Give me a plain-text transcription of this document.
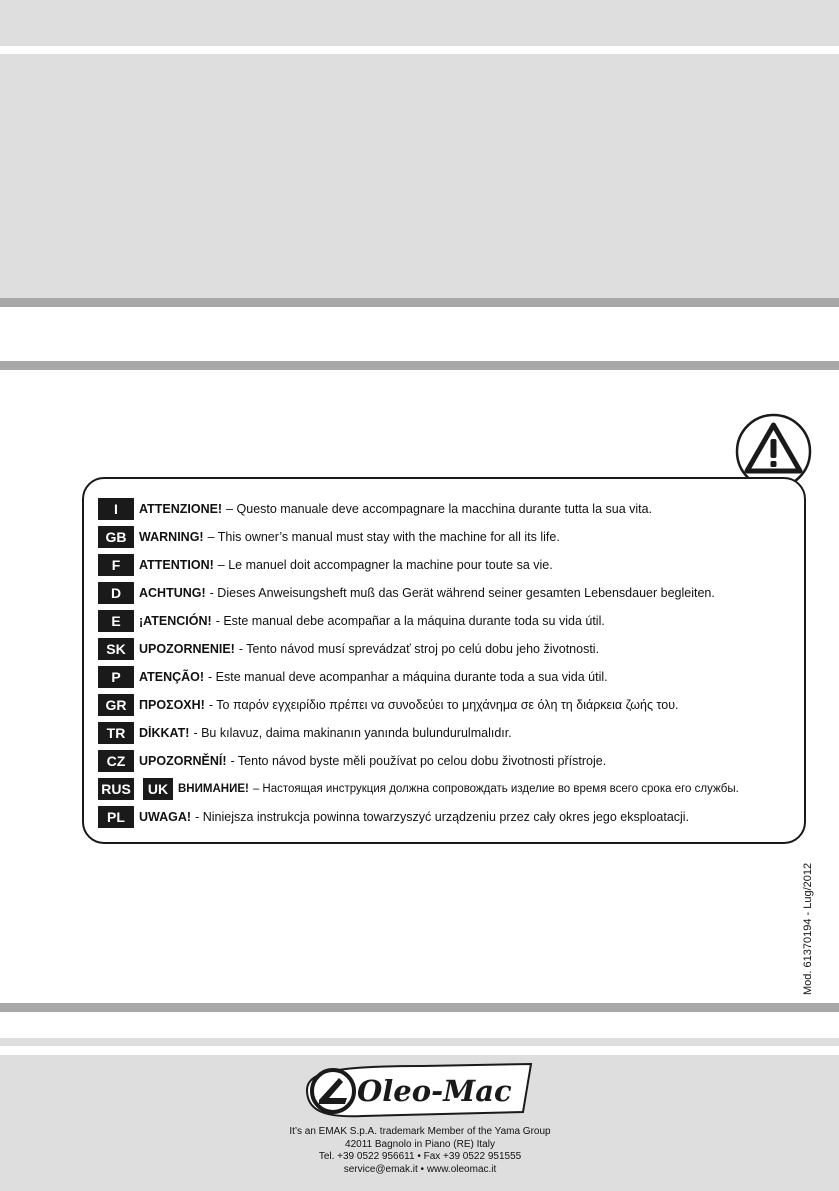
I	ATTENZIONE! – Questo manuale deve accompagnare la macchina durante tutta la sua vita.
GB	WARNING! – This owner’s manual must stay with the machine for all its life.
F	ATTENTION! – Le manuel doit accompagner la machine pour toute sa vie.
D	ACHTUNG! - Dieses Anweisungsheft muß das Gerät während seiner gesamten Lebensdauer begleiten.
E	¡ATENCIÓN! - Este manual debe acompañar a la máquina durante toda su vida útil.
SK	UPOZORNENIE! - Tento návod musí sprevádzať stroj po celú dobu jeho životnosti.
P	ATENÇÃO! - Este manual deve acompanhar a máquina durante toda a sua vida útil.
GR	ΠΡΟΣΟΧΗ! - Το παρόν εγχειρίδιο πρέπει να συνοδεύει το μηχάνημα σε όλη τη διάρκεια ζωής του.
TR	DİKKAT! - Bu kılavuz, daima makinanın yanında bulundurulmalıdır.
CZ	UPOZORNĚNÍ! - Tento návod byste měli používat po celou dobu životnosti přístroje.
RUS	UK ВНИМАНИЕ! – Настоящая инструкция должна сопровождать изделие во время всего срока его службы.
PL	UWAGA! - Niniejsza instrukcja powinna towarzyszyć urządzeniu przez cały okres jego eksploatacji.
Mod. 61370194 - Lug/2012
Oleo-Mac
It’s an EMAK S.p.A. trademark Member of the Yama Group
42011 Bagnolo in Piano (RE) Italy
Tel. +39 0522 956611 • Fax +39 0522 951555
service@emak.it • www.oleomac.it
